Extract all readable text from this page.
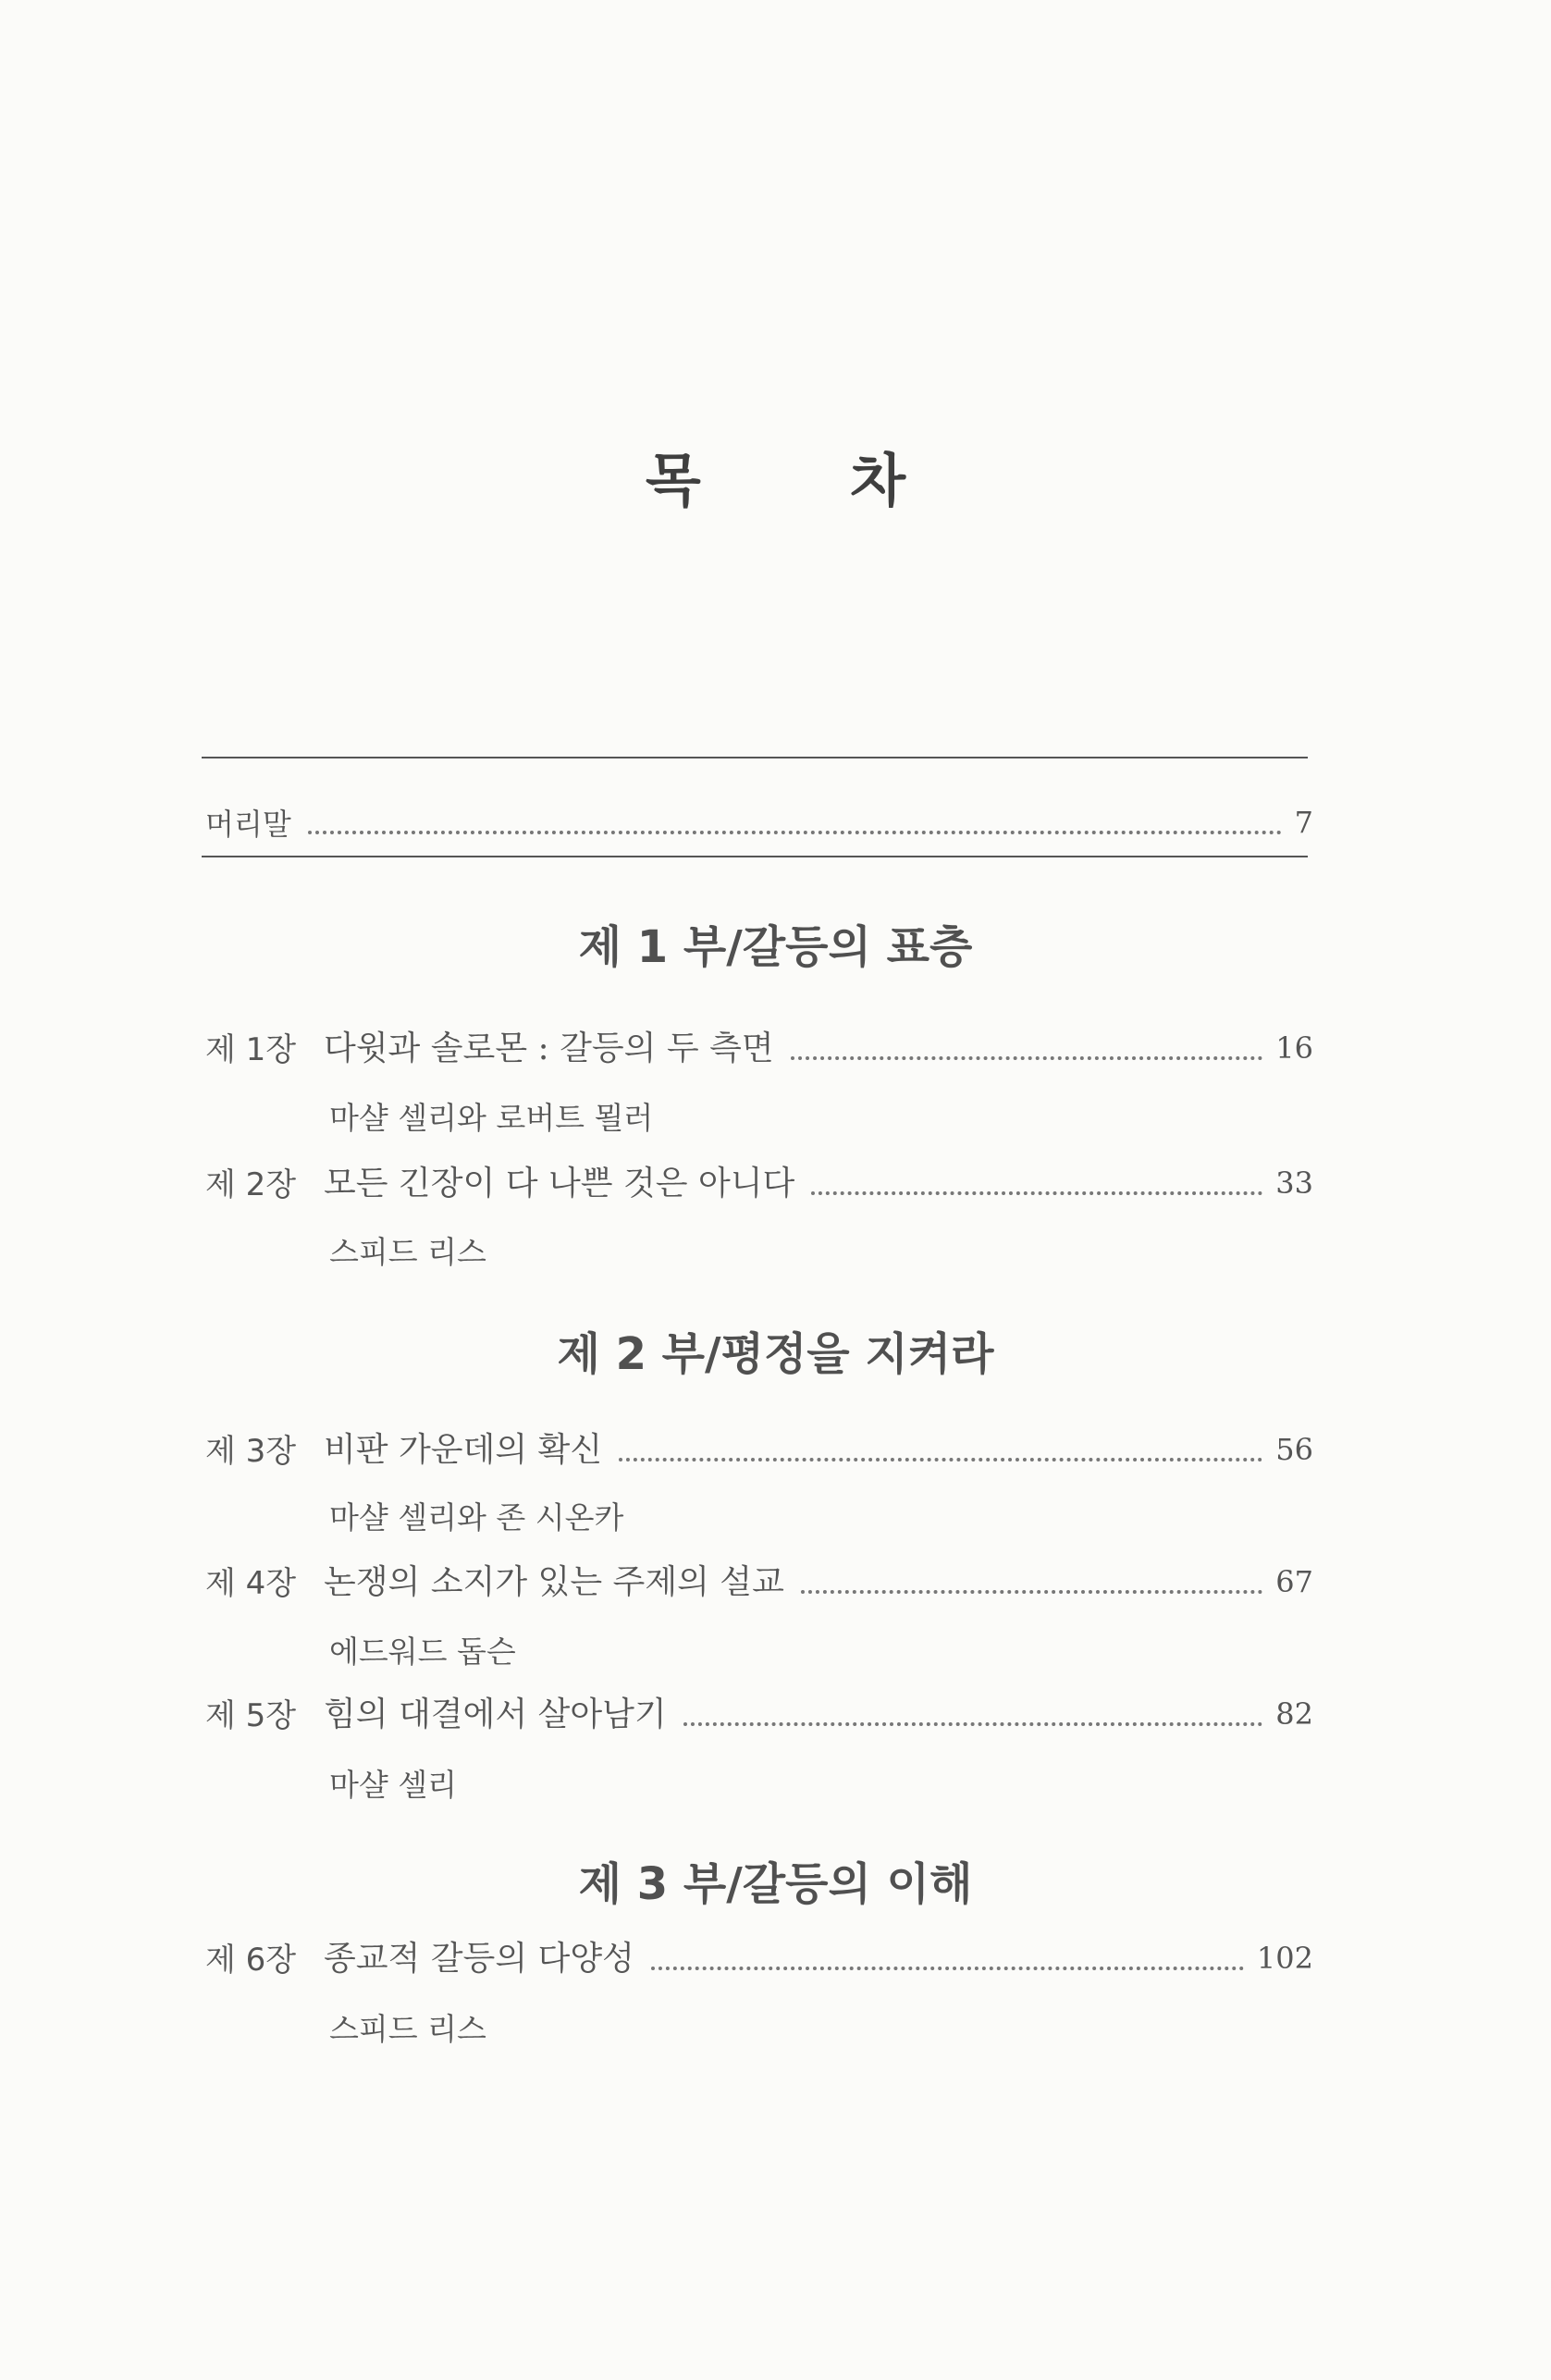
목 차
머리말	7
제 1 부/갈등의 표층
제 1장 다윗과 솔로몬 : 갈등의 두 측면	16
마샬 셀리와 로버트 묄러
제 2장 모든 긴장이 다 나쁜 것은 아니다	33
스피드 리스
제 2 부/평정을 지켜라
제 3장 비판 가운데의 확신	56
마샬 셀리와 존 시온카
제 4장 논쟁의 소지가 있는 주제의 설교	67
에드워드 돕슨
제 5장 힘의 대결에서 살아남기	82
마샬 셀리
제 3 부/갈등의 이해
제 6장 종교적 갈등의 다양성	102
스피드 리스
